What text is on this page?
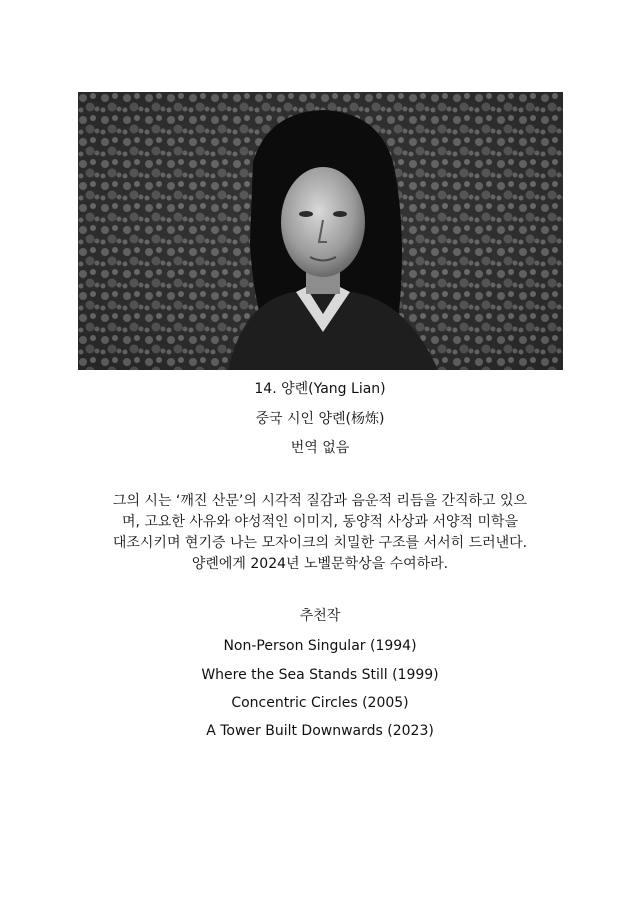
14. 양롄(Yang Lian)
중국 시인 양롄(杨炼)
번역 없음
그의 시는 ‘깨진 산문’의 시각적 질감과 음운적 리듬을 간직하고 있으
며, 고요한 사유와 야성적인 이미지, 동양적 사상과 서양적 미학을
대조시키며 현기증 나는 모자이크의 치밀한 구조를 서서히 드러낸다.
양롄에게 2024년 노벨문학상을 수여하라.
추천작
Non-Person Singular (1994)
Where the Sea Stands Still (1999)
Concentric Circles (2005)
A Tower Built Downwards (2023)
